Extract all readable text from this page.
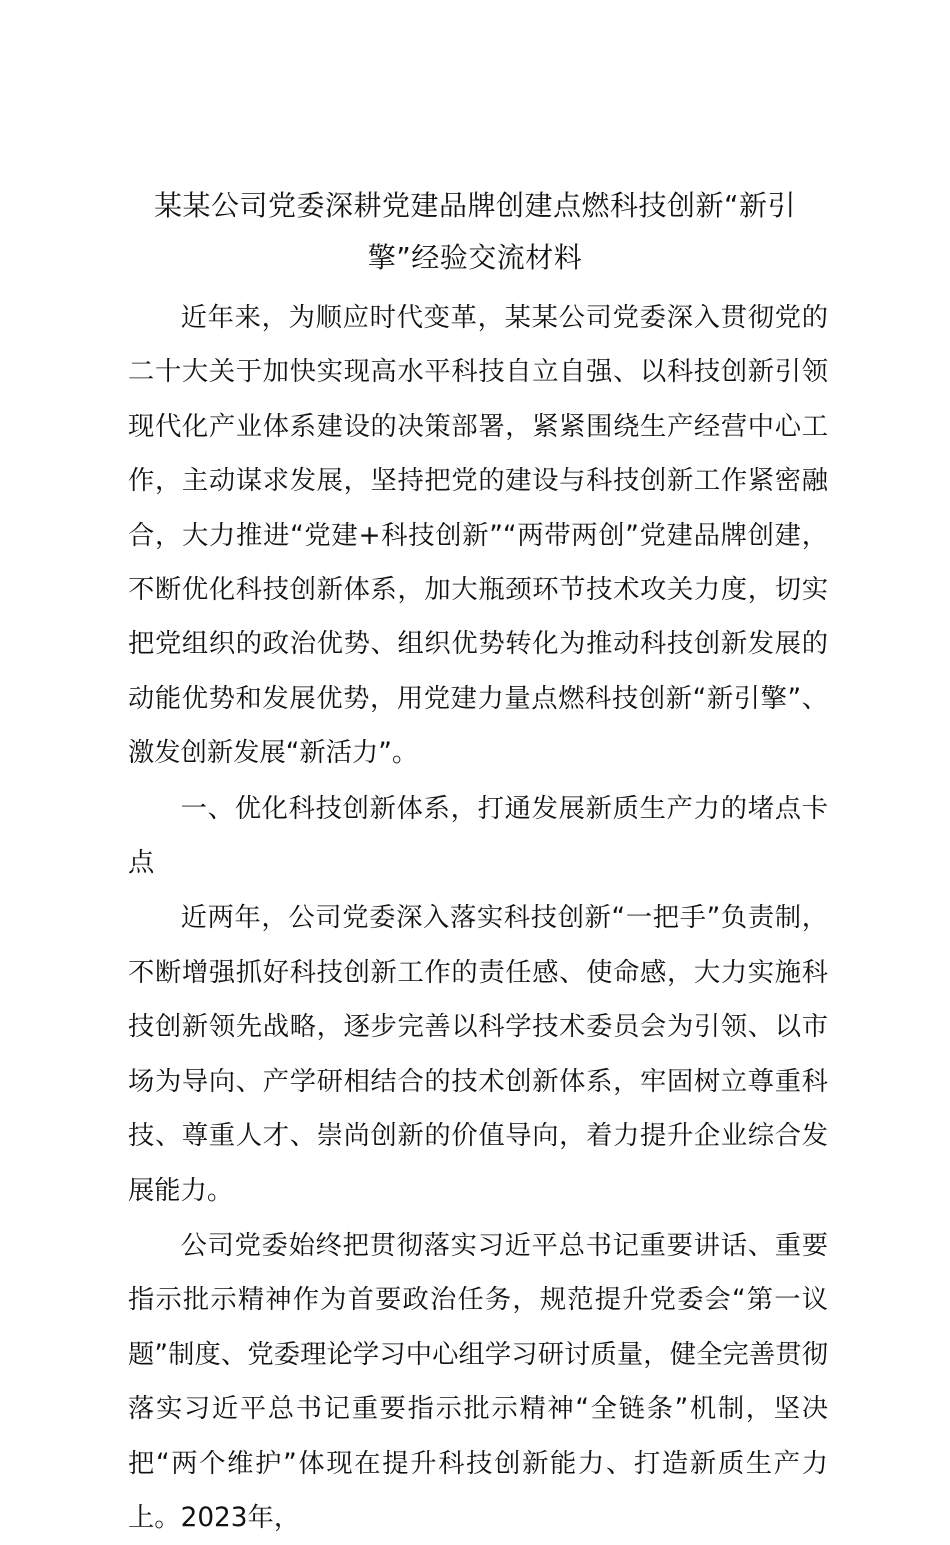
某某公司党委深耕党建品牌创建点燃科技创新“新引
擎”经验交流材料

近年来，为顺应时代变革，某某公司党委深入贯彻党的二十大关于加快实现高水平科技自立自强、以科技创新引领现代化产业体系建设的决策部署，紧紧围绕生产经营中心工作，主动谋求发展，坚持把党的建设与科技创新工作紧密融合，大力推进“党建+科技创新”“两带两创”党建品牌创建，不断优化科技创新体系，加大瓶颈环节技术攻关力度，切实把党组织的政治优势、组织优势转化为推动科技创新发展的动能优势和发展优势，用党建力量点燃科技创新“新引擎”、激发创新发展“新活力”。

一、优化科技创新体系，打通发展新质生产力的堵点卡点

近两年，公司党委深入落实科技创新“一把手”负责制，不断增强抓好科技创新工作的责任感、使命感，大力实施科技创新领先战略，逐步完善以科学技术委员会为引领、以市场为导向、产学研相结合的技术创新体系，牢固树立尊重科技、尊重人才、崇尚创新的价值导向，着力提升企业综合发展能力。

公司党委始终把贯彻落实习近平总书记重要讲话、重要指示批示精神作为首要政治任务，规范提升党委会“第一议题”制度、党委理论学习中心组学习研讨质量，健全完善贯彻落实习近平总书记重要指示批示精神“全链条”机制，坚决把“两个维护”体现在提升科技创新能力、打造新质生产力上。2023年，
